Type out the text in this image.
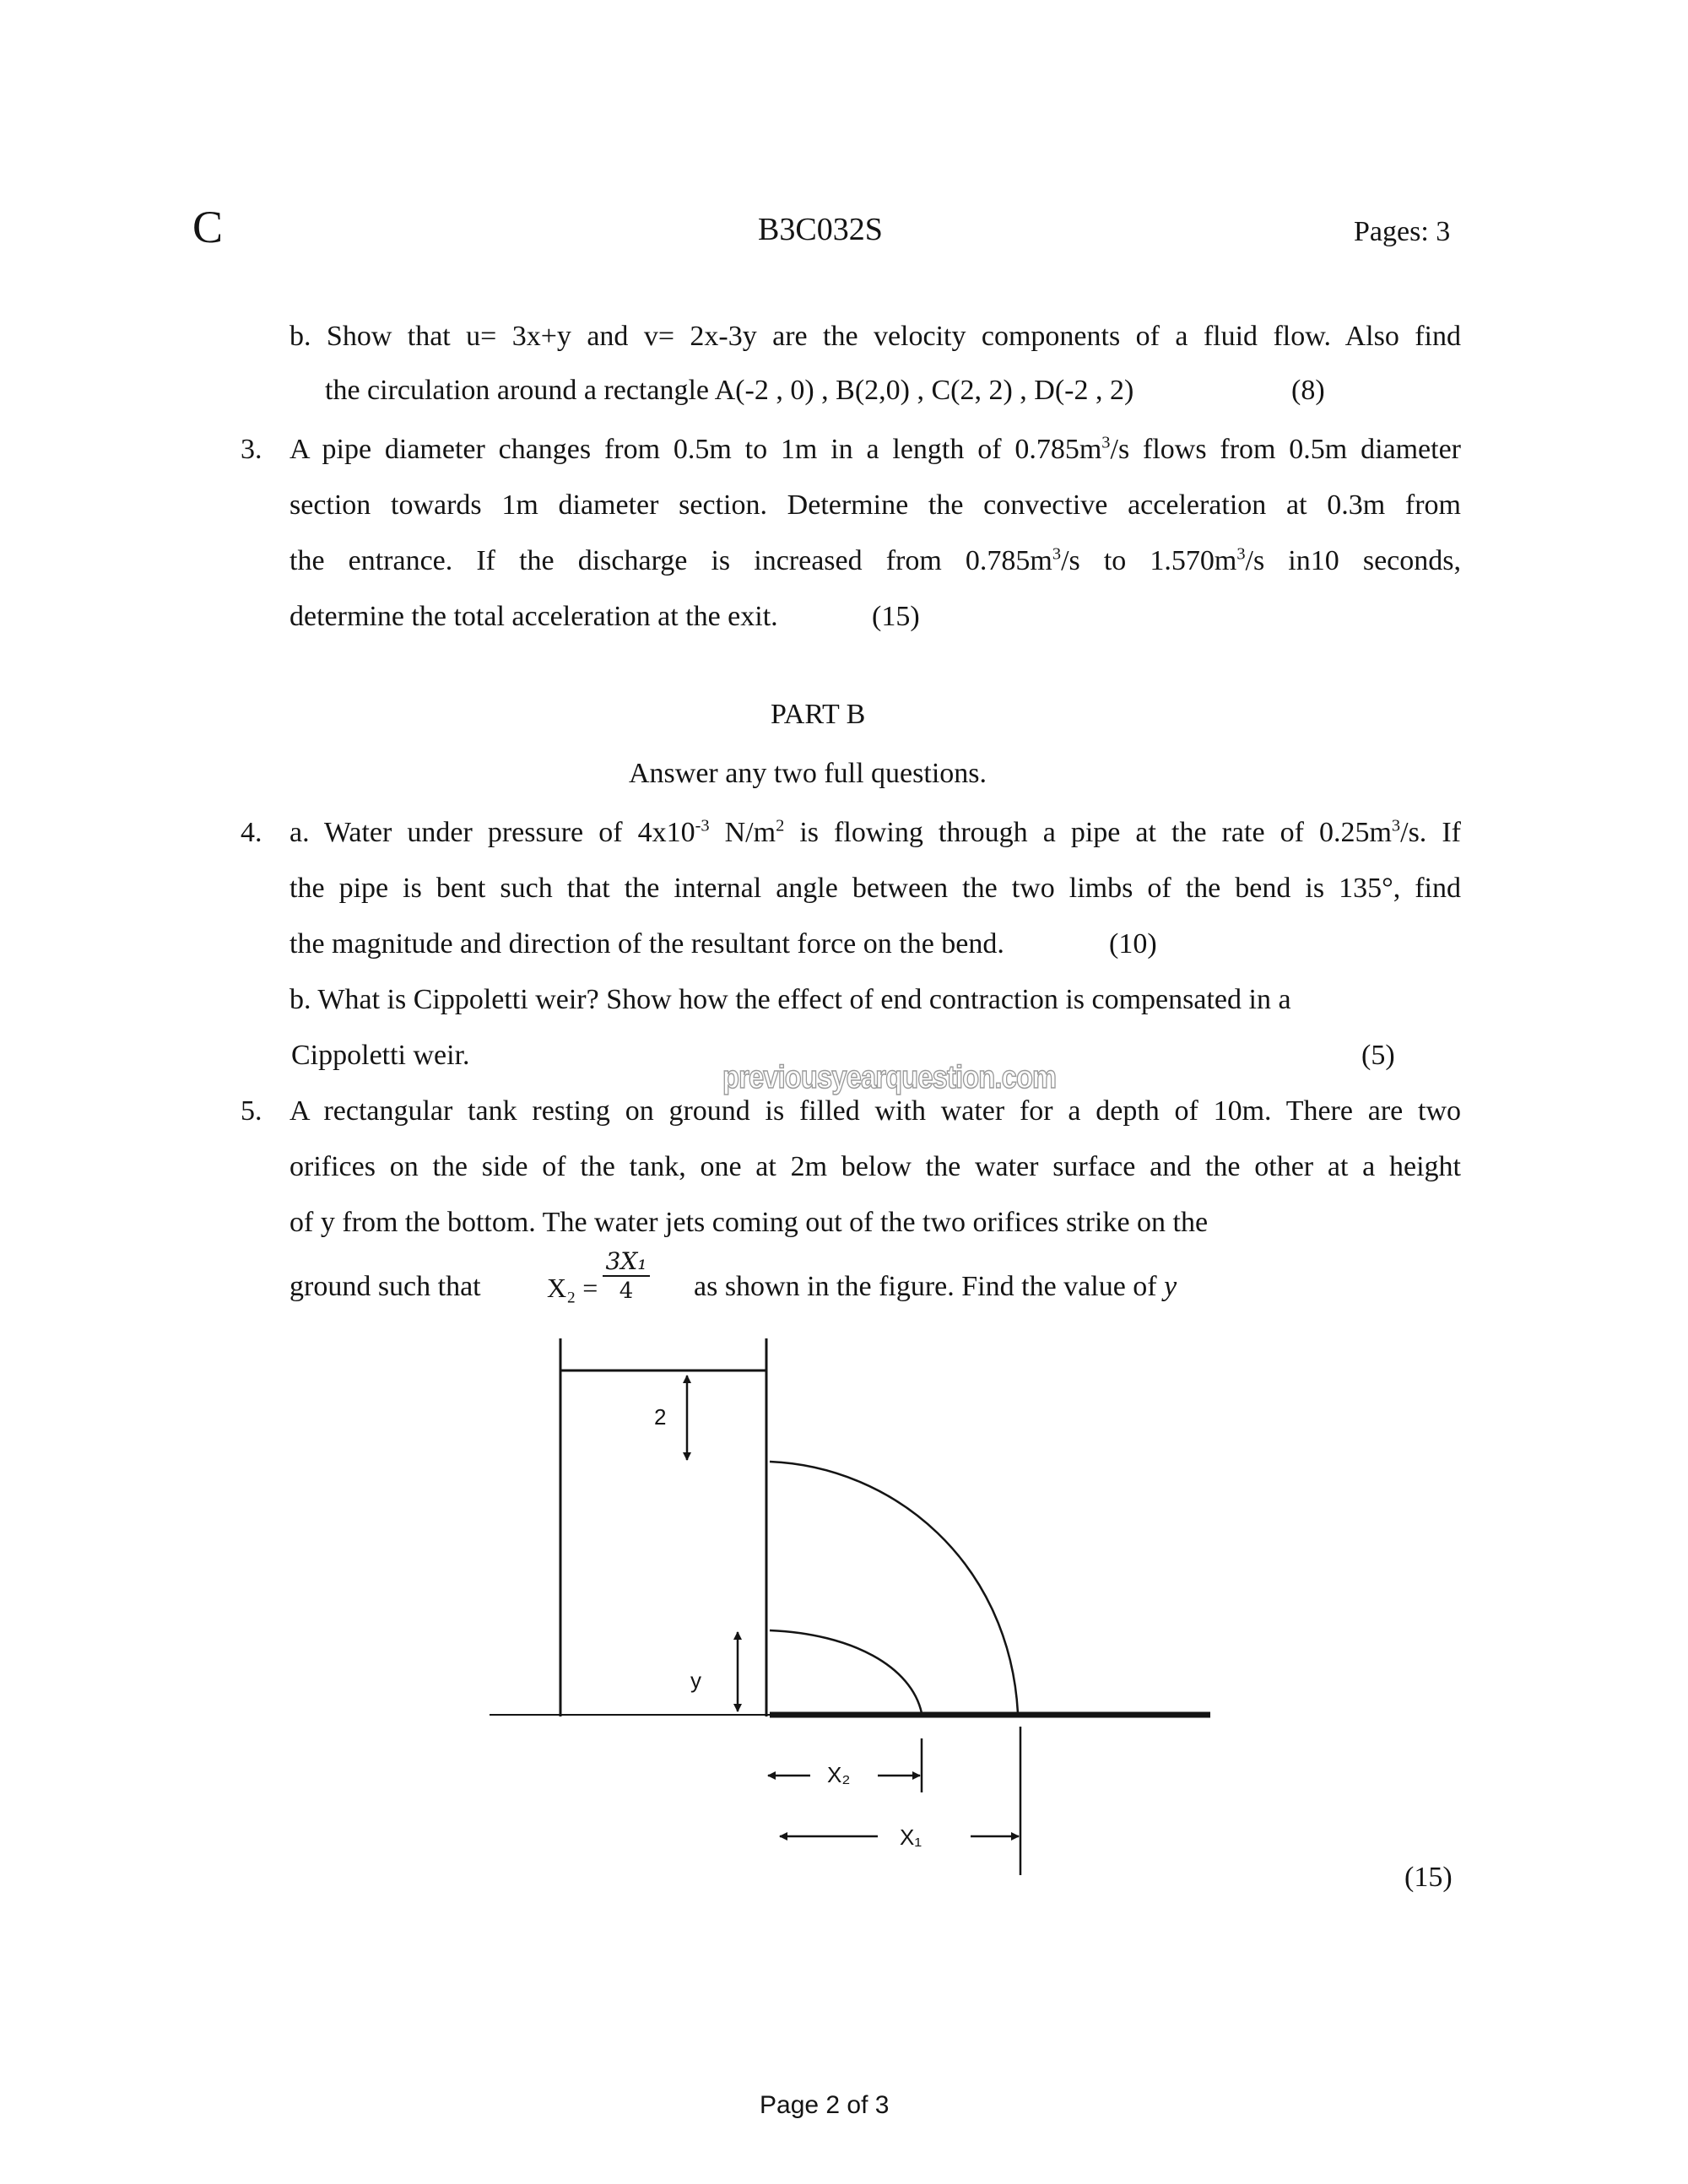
C	B3C032S	Pages: 3
b. Show that u= 3x+y and v= 2x-3y are the velocity components of a fluid flow. Also find
the circulation around a rectangle A(-2 , 0) , B(2,0) , C(2, 2) , D(-2 , 2)	(8)
3. A pipe diameter changes from 0.5m to 1m in a length of $0.785m^3/s$ flows from 0.5m diameter
section towards 1m diameter section. Determine the convective acceleration at 0.3m from
the entrance. If the discharge is increased from $0.785m^3/s$ to $1.570m^3/s$ in10 seconds,
determine the total acceleration at the exit.	(15)
PART B
Answer any two full questions.
4. a. Water under pressure of $4x10^{-3}$ $N/m^2$ is flowing through a pipe at the rate of $0.25m^3/s$. If
the pipe is bent such that the internal angle between the two limbs of the bend is 135°, find
the magnitude and direction of the resultant force on the bend.	(10)
b. What is Cippoletti weir? Show how the effect of end contraction is compensated in a
Cippoletti weir.	(5)
previousyearquestion.com
5. A rectangular tank resting on ground is filled with water for a depth of 10m. There are two
orifices on the side of the tank, one at 2m below the water surface and the other at a height
of y from the bottom. The water jets coming out of the two orifices strike on the
ground such that $X_2 = \frac{\text{3X₁}}{4}$ as shown in the figure. Find the value of y
(15)
2
y
X₂
X₁
Page 2 of 3
